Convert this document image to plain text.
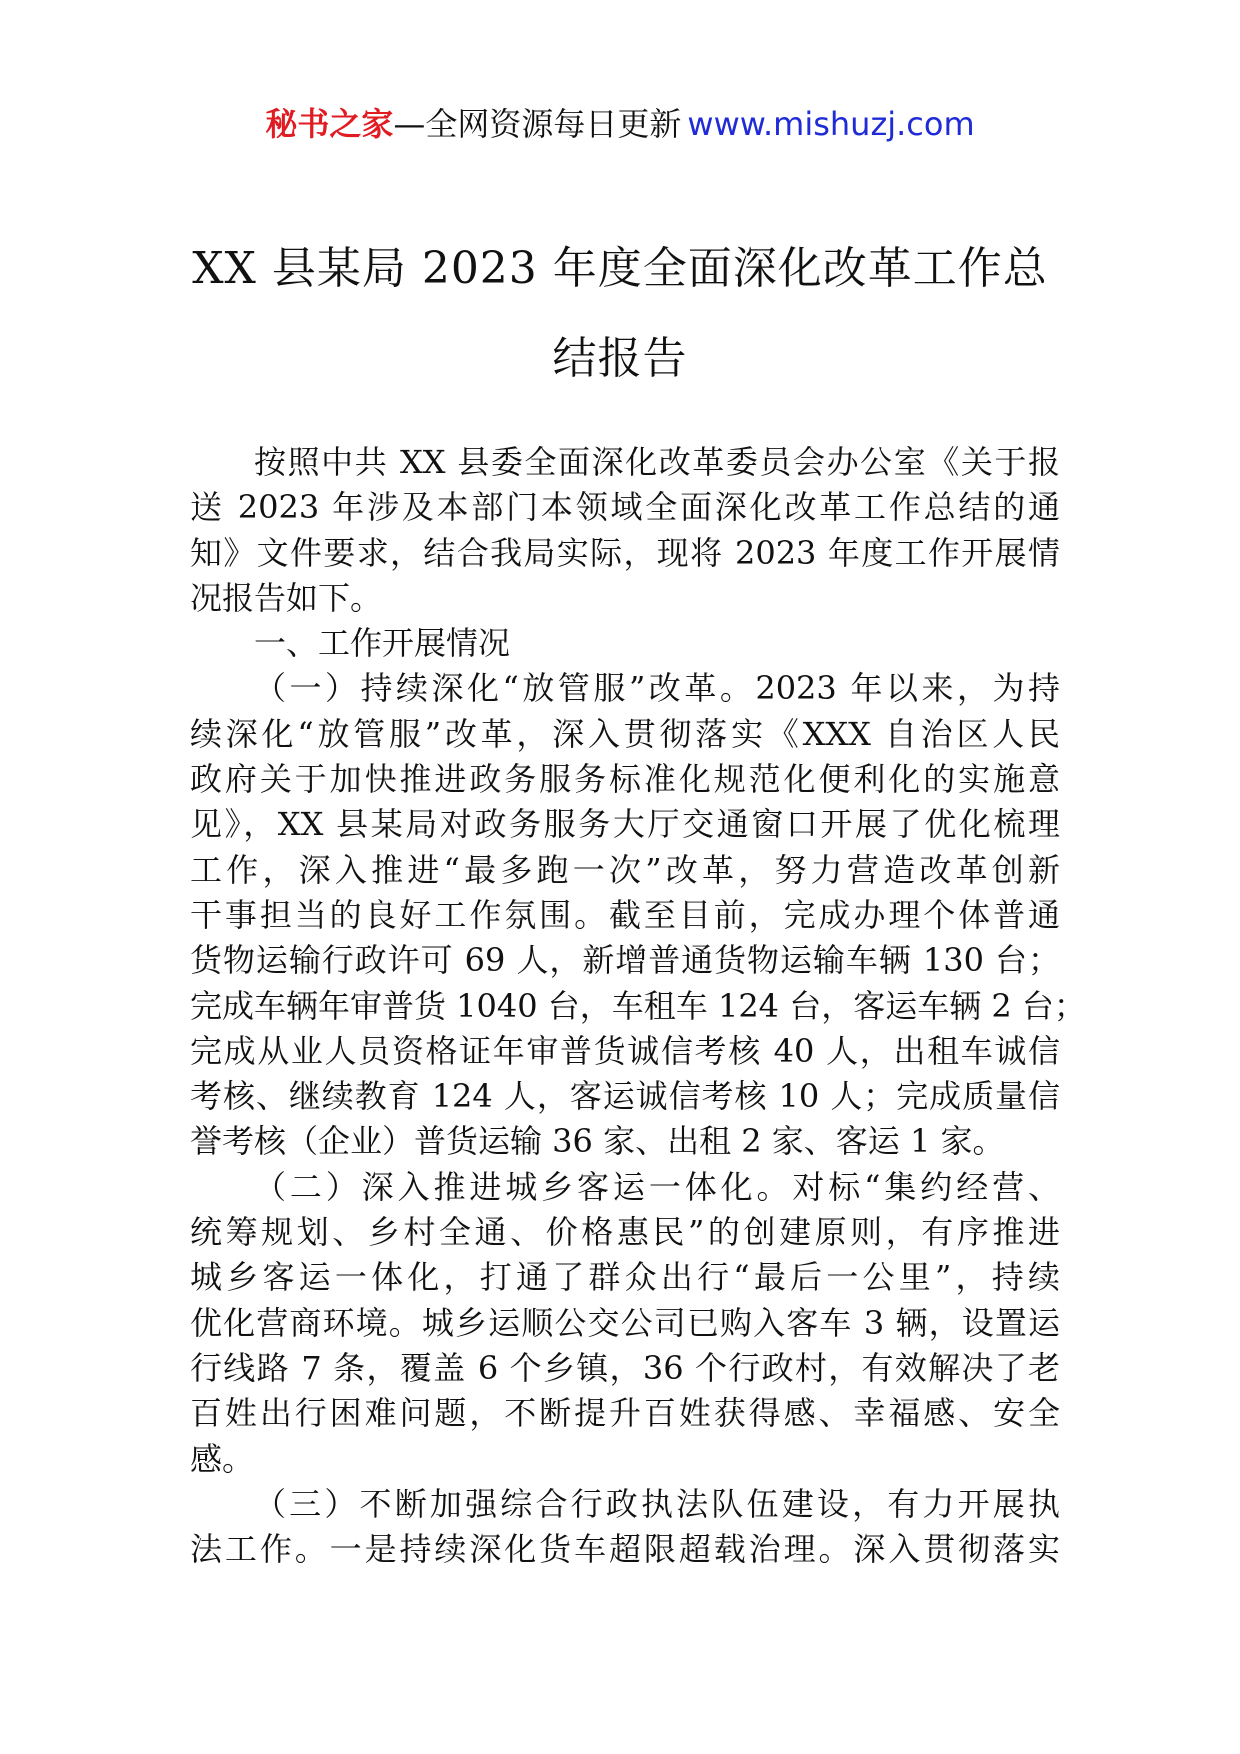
秘书之家—全网资源每日更新 www.mishuzj.com
XX 县某局 2023 年度全面深化改革工作总
结报告
按照中共 XX 县委全面深化改革委员会办公室《关于报
送 2023 年涉及本部门本领域全面深化改革工作总结的通
知》文件要求，结合我局实际，现将 2023 年度工作开展情
况报告如下。
一、工作开展情况
（一）持续深化“放管服”改革。2023 年以来，为持
续深化“放管服”改革，深入贯彻落实《XXX 自治区人民
政府关于加快推进政务服务标准化规范化便利化的实施意
见》，XX 县某局对政务服务大厅交通窗口开展了优化梳理
工作，深入推进“最多跑一次”改革，努力营造改革创新
干事担当的良好工作氛围。截至目前，完成办理个体普通
货物运输行政许可 69 人，新增普通货物运输车辆 130 台；
完成车辆年审普货 1040 台，车租车 124 台，客运车辆 2 台；
完成从业人员资格证年审普货诚信考核 40 人，出租车诚信
考核、继续教育 124 人，客运诚信考核 10 人；完成质量信
誉考核（企业）普货运输 36 家、出租 2 家、客运 1 家。
（二）深入推进城乡客运一体化。对标“集约经营、
统筹规划、乡村全通、价格惠民”的创建原则，有序推进
城乡客运一体化，打通了群众出行“最后一公里”，持续
优化营商环境。城乡运顺公交公司已购入客车 3 辆，设置运
行线路 7 条，覆盖 6 个乡镇，36 个行政村，有效解决了老
百姓出行困难问题，不断提升百姓获得感、幸福感、安全
感。
（三）不断加强综合行政执法队伍建设，有力开展执
法工作。一是持续深化货车超限超载治理。深入贯彻落实
